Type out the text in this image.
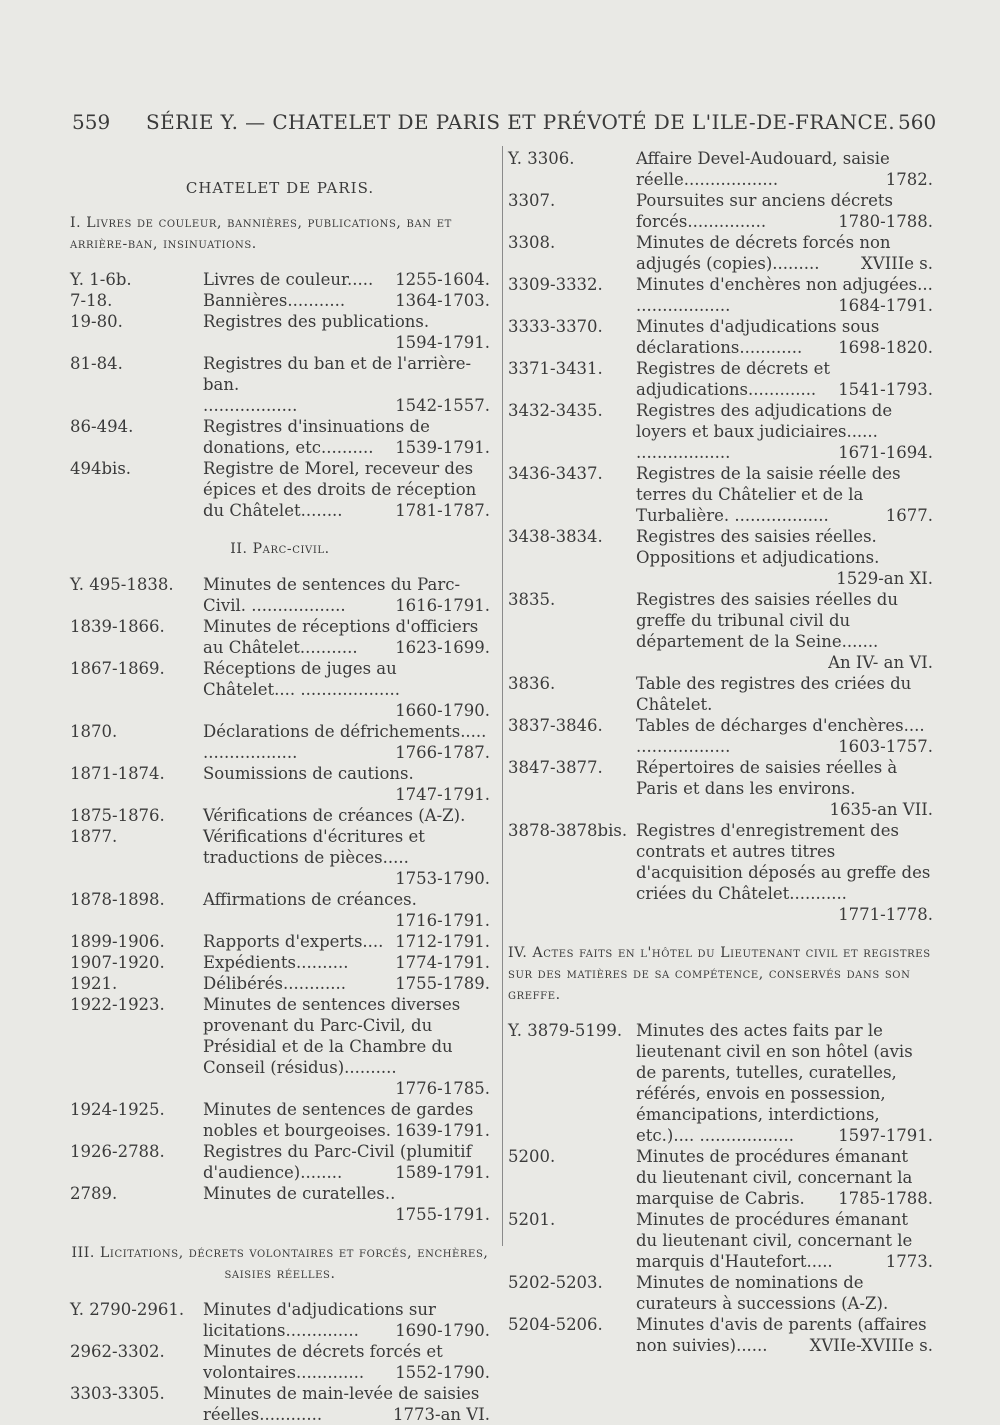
559 SÉRIE Y. — CHATELET DE PARIS ET PRÉVOTÉ DE L'ILE-DE-FRANCE. 560
CHATELET DE PARIS.
I. Livres de couleur, bannières, publications, ban et arrière-ban, insinuations.
Y. 1-6b.	Livres de couleur..... 1255-1604.
7-18.	Bannières...........	1364-1703.
19-80.	Registres des publications.
1594-1791.
81-84.	Registres du ban et de l'arrière-ban.
..................	1542-1557.
86-494.	Registres d'insinuations de donations, etc.......... 1539-1791.
494bis.	Registre de Morel, receveur des épices et des droits de réception du Châtelet........	1781-1787.
II. Parc-civil.
Y. 495-1838.	Minutes de sentences du Parc-Civil. ..................	1616-1791.
1839-1866.	Minutes de réceptions d'officiers au Châtelet........... 1623-1699.
1867-1869.	Réceptions de juges au Châtelet.... ...................
1660-1790.
1870.	Déclarations de défrichements..... ..................	1766-1787.
1871-1874.	Soumissions de cautions.
1747-1791.
1875-1876.	Vérifications de créances (A-Z).
1877.	Vérifications d'écritures et traductions de pièces.....
1753-1790.
1878-1898.	Affirmations de créances.
1716-1791.
1899-1906.	Rapports d'experts.... 1712-1791.
1907-1920.	Expédients..........	1774-1791.
1921.	Délibérés............	1755-1789.
1922-1923.	Minutes de sentences diverses provenant du Parc-Civil, du Présidial et de la Chambre du Conseil (résidus)..........
1776-1785.
1924-1925.	Minutes de sentences de gardes nobles et bourgeoises. 1639-1791.
1926-2788.	Registres du Parc-Civil (plumitif d'audience)........	1589-1791.
2789.	Minutes de curatelles..
1755-1791.
III. Licitations, décrets volontaires et forcés, enchères, saisies réelles.
Y. 2790-2961.	Minutes d'adjudications sur licitations.............. 1690-1790.
2962-3302.	Minutes de décrets forcés et volontaires............. 1552-1790.
3303-3305.	Minutes de main-levée de saisies réelles............	1773-an VI.
Y. 3306.	Affaire Devel-Audouard, saisie réelle..................	1782.
3307.	Poursuites sur anciens décrets forcés...............	1780-1788.
3308.	Minutes de décrets forcés non adjugés (copies).........	XVIIIe s.
3309-3332.	Minutes d'enchères non adjugées... ..................	1684-1791.
3333-3370.	Minutes d'adjudications sous déclarations............ 1698-1820.
3371-3431.	Registres de décrets et adjudications............. 1541-1793.
3432-3435.	Registres des adjudications de loyers et baux judiciaires...... ..................	1671-1694.
3436-3437.	Registres de la saisie réelle des terres du Châtelier et de la Turbalière. ..................	1677.
3438-3834.	Registres des saisies réelles. Oppositions et adjudications.
1529-an XI.
3835.	Registres des saisies réelles du greffe du tribunal civil du département de la Seine.......
An IV- an VI.
3836.	Table des registres des criées du Châtelet.
3837-3846.	Tables de décharges d'enchères.... ..................	1603-1757.
3847-3877.	Répertoires de saisies réelles à Paris et dans les environs.
1635-an VII.
3878-3878bis. Registres d'enregistrement des contrats et autres titres d'acquisition déposés au greffe des criées du Châtelet...........
1771-1778.
IV. Actes faits en l'hôtel du Lieutenant civil et registres sur des matières de sa compétence, conservés dans son greffe.
Y. 3879-5199. Minutes des actes faits par le lieutenant civil en son hôtel (avis de parents, tutelles, curatelles, référés, envois en possession, émancipations, interdictions, etc.).... ..................	1597-1791.
5200.	Minutes de procédures émanant du lieutenant civil, concernant la marquise de Cabris. 1785-1788.
5201.	Minutes de procédures émanant du lieutenant civil, concernant le marquis d'Hautefort.....	1773.
5202-5203.	Minutes de nominations de curateurs à successions (A-Z).
5204-5206.	Minutes d'avis de parents (affaires non suivies)......	XVIIe-XVIIIe s.
